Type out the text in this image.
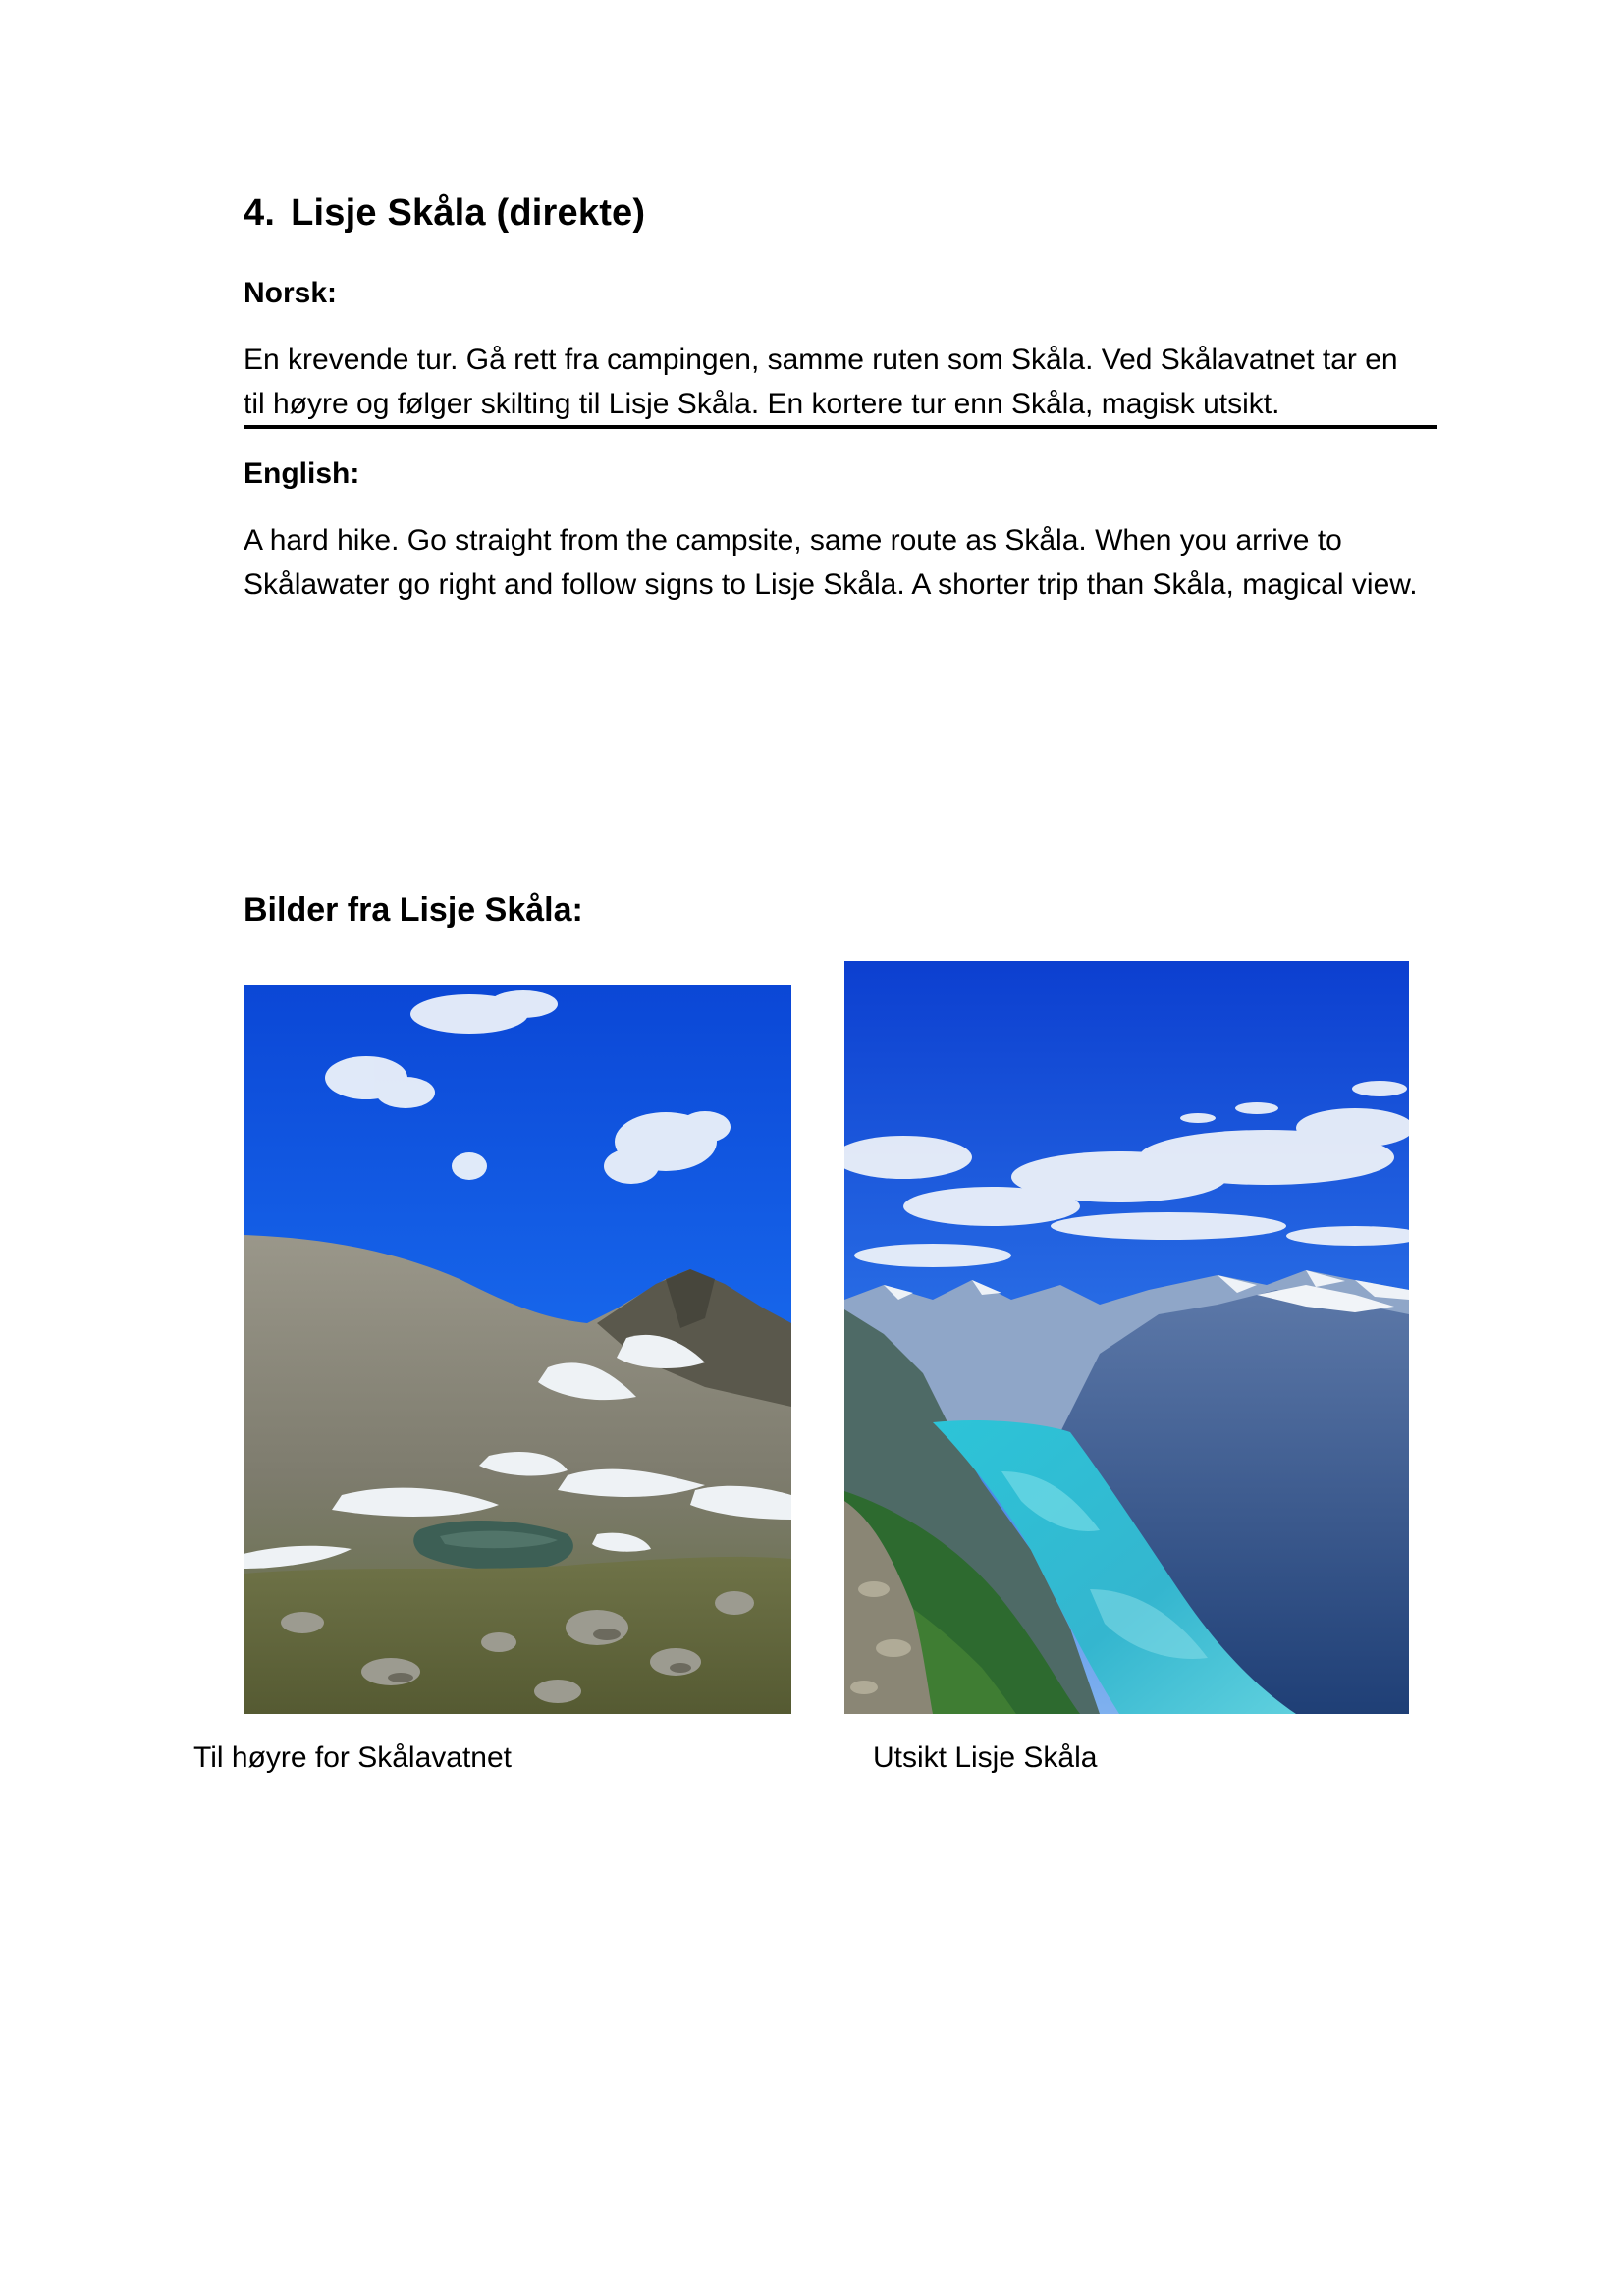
4. Lisje Skåla (direkte)

Norsk:

En krevende tur. Gå rett fra campingen, samme ruten som Skåla. Ved Skålavatnet tar en
til høyre og følger skilting til Lisje Skåla. En kortere tur enn Skåla, magisk utsikt.

English:

A hard hike. Go straight from the campsite, same route as Skåla. When you arrive to
Skålawater go right and follow signs to Lisje Skåla. A shorter trip than Skåla, magical view.

Bilder fra Lisje Skåla:

Til høyre for Skålavatnet	Utsikt Lisje Skåla
